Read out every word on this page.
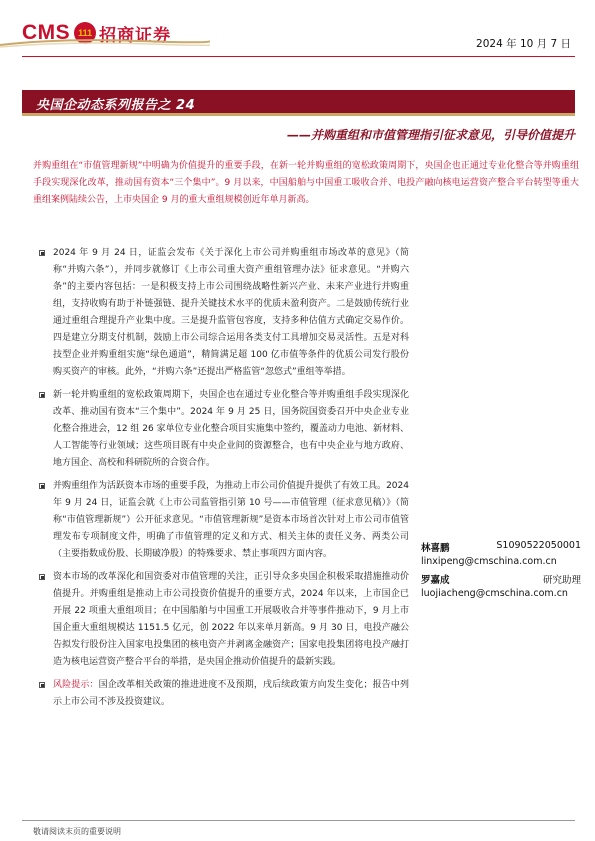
CMS 111 招商证券	2024 年 10 月 7 日
央国企动态系列报告之 24
——并购重组和市值管理指引征求意见，引导价值提升
并购重组在“市值管理新规”中明确为价值提升的重要手段，在新一轮并购重组的宽松政策周期下，央国企也正通过专业化整合等并购重组手段实现深化改革，推动国有资本“三个集中”。9 月以来，中国船舶与中国重工吸收合并、电投产融向核电运营资产整合平台转型等重大重组案例陆续公告，上市央国企 9 月的重大重组规模创近年单月新高。
2024 年 9 月 24 日，证监会发布《关于深化上市公司并购重组市场改革的意见》（简称“并购六条”），并同步就修订《上市公司重大资产重组管理办法》征求意见。“并购六条”的主要内容包括：一是积极支持上市公司围绕战略性新兴产业、未来产业进行并购重组，支持收购有助于补链强链、提升关键技术水平的优质未盈利资产。二是鼓励传统行业通过重组合理提升产业集中度。三是提升监管包容度，支持多种估值方式确定交易作价。四是建立分期支付机制，鼓励上市公司综合运用各类支付工具增加交易灵活性。五是对科技型企业并购重组实施“绿色通道”，精简满足超 100 亿市值等条件的优质公司发行股份购买资产的审核。此外，“并购六条”还提出严格监管“忽悠式”重组等举措。
新一轮并购重组的宽松政策周期下，央国企也在通过专业化整合等并购重组手段实现深化改革、推动国有资本“三个集中”。2024 年 9 月 25 日，国务院国资委召开中央企业专业化整合推进会，12 组 26 家单位专业化整合项目实施集中签约，覆盖动力电池、新材料、人工智能等行业领域；这些项目既有中央企业间的资源整合，也有中央企业与地方政府、地方国企、高校和科研院所的合资合作。
并购重组作为活跃资本市场的重要手段，为推动上市公司价值提升提供了有效工具。2024 年 9 月 24 日，证监会就《上市公司监管指引第 10 号——市值管理（征求意见稿）》（简称“市值管理新规”）公开征求意见。“市值管理新规”是资本市场首次针对上市公司市值管理发布专项制度文件，明确了市值管理的定义和方式、相关主体的责任义务、两类公司（主要指数成份股、长期破净股）的特殊要求、禁止事项四方面内容。
资本市场的改革深化和国资委对市值管理的关注，正引导众多央国企积极采取措施推动价值提升。并购重组是推动上市公司投资价值提升的重要方式，2024 年以来，上市国企已开展 22 项重大重组项目；在中国船舶与中国重工开展吸收合并等事件推动下，9 月上市国企重大重组规模达 1151.5 亿元，创 2022 年以来单月新高。9 月 30 日，电投产融公告拟发行股份注入国家电投集团的核电资产并剥离金融资产；国家电投集团将电投产融打造为核电运营资产整合平台的举措，是央国企推动价值提升的最新实践。
风险提示：国企改革相关政策的推进进度不及预期，戌后续政策方向发生变化；报告中列示上市公司不涉及投资建议。
林喜鹏	S1090522050001
linxipeng@cmschina.com.cn
罗嘉成	研究助理
luojiacheng@cmschina.com.cn
敬请阅读末页的重要说明
